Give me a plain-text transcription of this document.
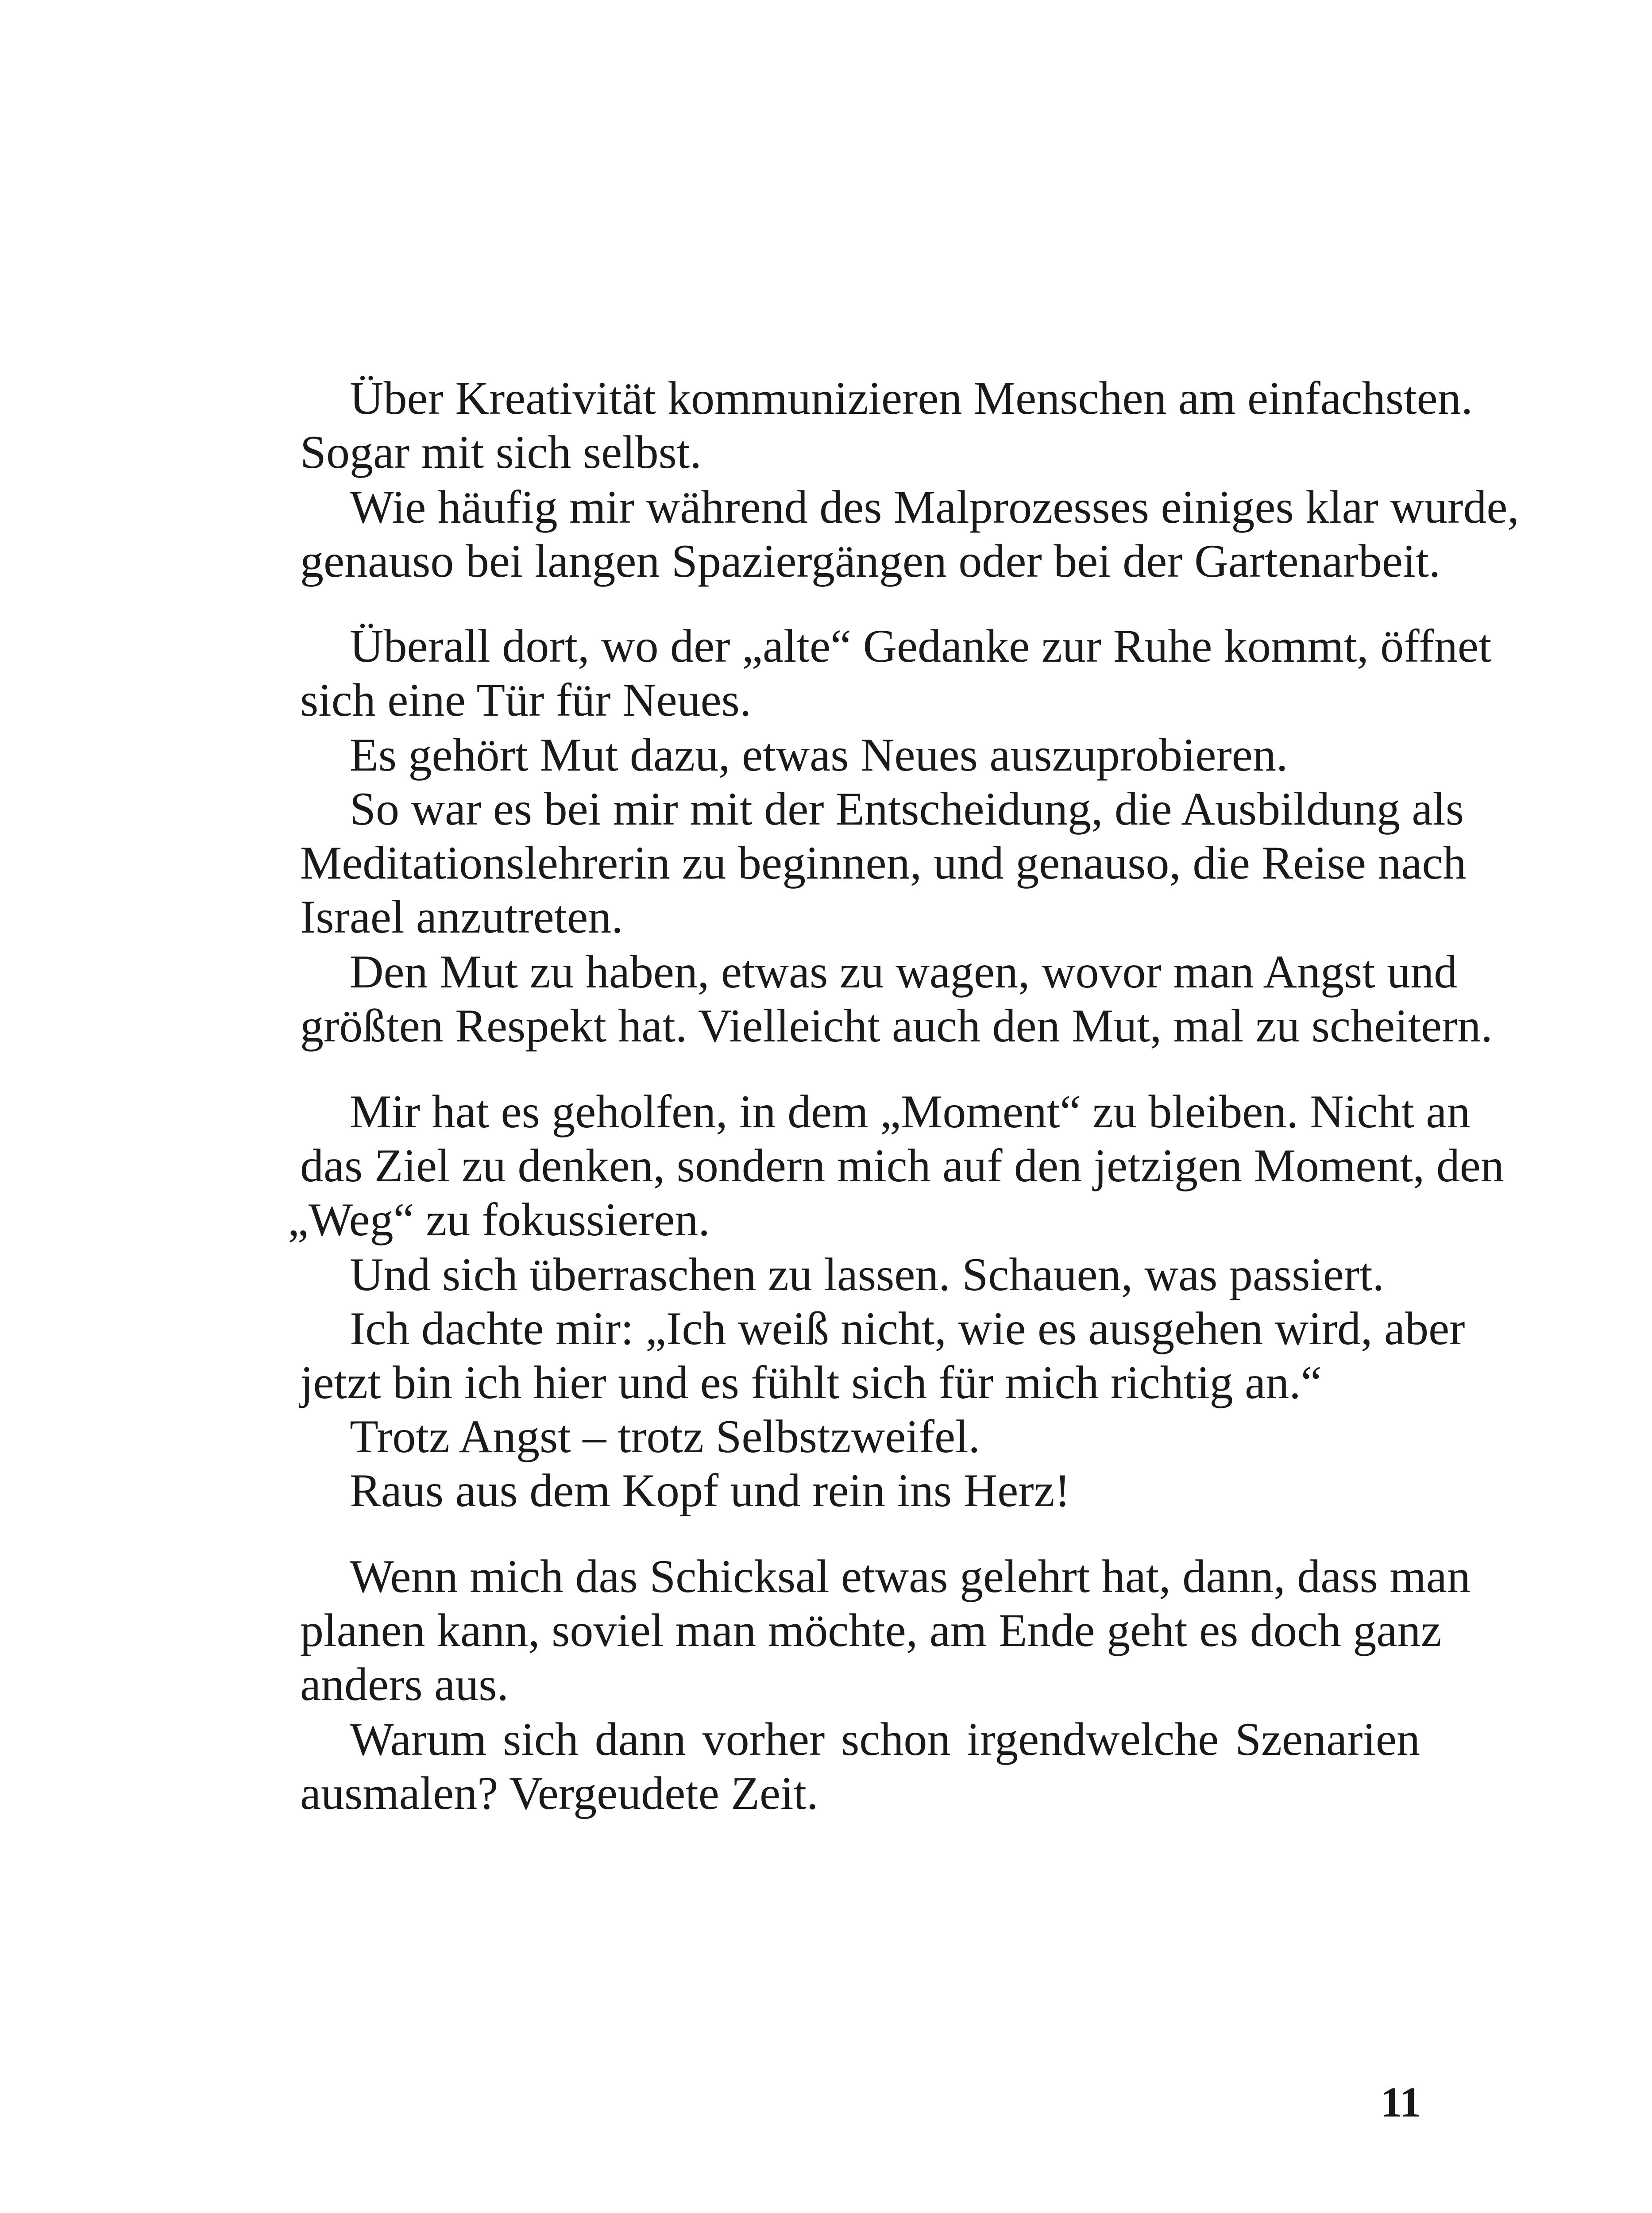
Über Kreativität kommunizieren Menschen am einfachsten.
Sogar mit sich selbst.
Wie häufig mir während des Malprozesses einiges klar wurde,
genauso bei langen Spaziergängen oder bei der Gartenarbeit.
Überall dort, wo der „alte“ Gedanke zur Ruhe kommt, öffnet
sich eine Tür für Neues.
Es gehört Mut dazu, etwas Neues auszuprobieren.
So war es bei mir mit der Entscheidung, die Ausbildung als
Meditationslehrerin zu beginnen, und genauso, die Reise nach
Israel anzutreten.
Den Mut zu haben, etwas zu wagen, wovor man Angst und
größten Respekt hat. Vielleicht auch den Mut, mal zu scheitern.
Mir hat es geholfen, in dem „Moment“ zu bleiben. Nicht an
das Ziel zu denken, sondern mich auf den jetzigen Moment, den
„Weg“ zu fokussieren.
Und sich überraschen zu lassen. Schauen, was passiert.
Ich dachte mir: „Ich weiß nicht, wie es ausgehen wird, aber
jetzt bin ich hier und es fühlt sich für mich richtig an.“
Trotz Angst – trotz Selbstzweifel.
Raus aus dem Kopf und rein ins Herz!
Wenn mich das Schicksal etwas gelehrt hat, dann, dass man
planen kann, soviel man möchte, am Ende geht es doch ganz
anders aus.
Warum sich dann vorher schon irgendwelche Szenarien
ausmalen? Vergeudete Zeit.
11
